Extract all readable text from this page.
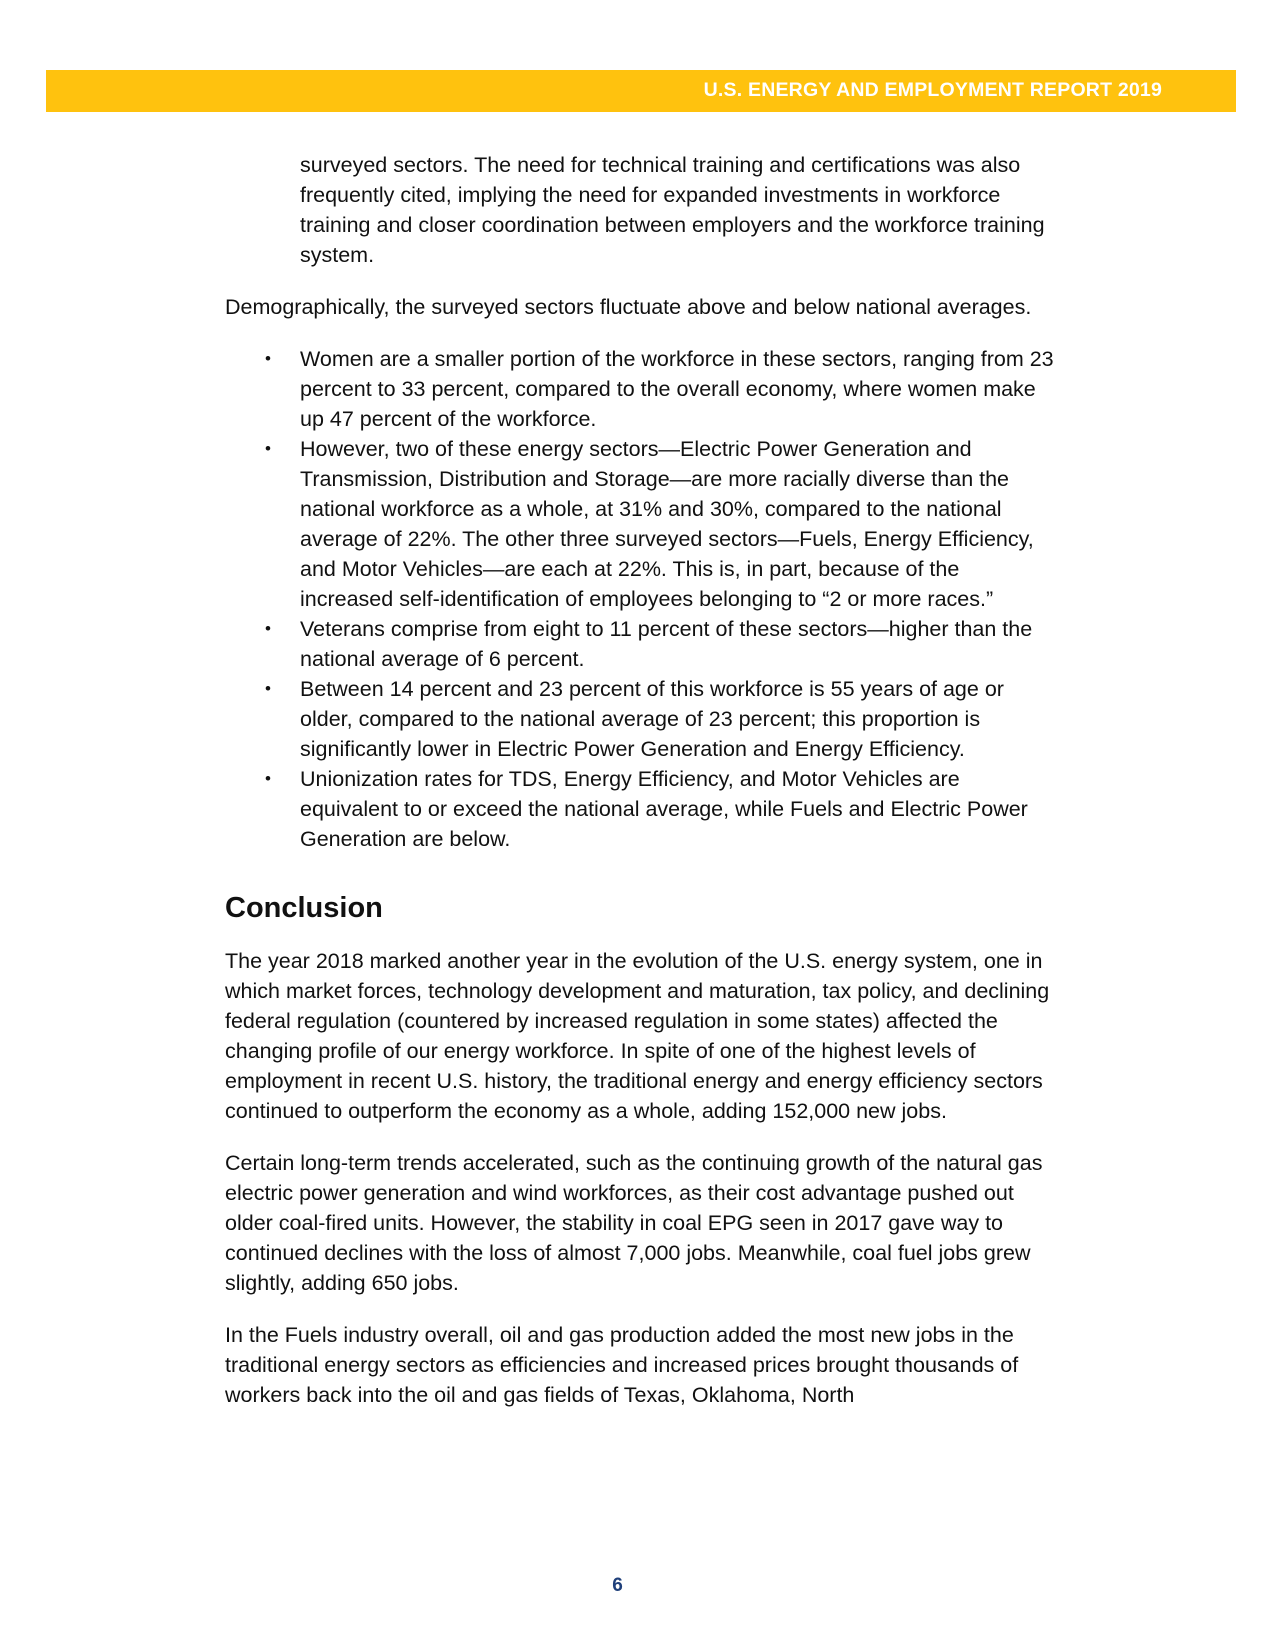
U.S. ENERGY AND EMPLOYMENT REPORT 2019

surveyed sectors. The need for technical training and certifications was also frequently cited, implying the need for expanded investments in workforce training and closer coordination between employers and the workforce training system.

Demographically, the surveyed sectors fluctuate above and below national averages.

• Women are a smaller portion of the workforce in these sectors, ranging from 23 percent to 33 percent, compared to the overall economy, where women make up 47 percent of the workforce.
• However, two of these energy sectors—Electric Power Generation and Transmission, Distribution and Storage—are more racially diverse than the national workforce as a whole, at 31% and 30%, compared to the national average of 22%. The other three surveyed sectors—Fuels, Energy Efficiency, and Motor Vehicles—are each at 22%. This is, in part, because of the increased self-identification of employees belonging to “2 or more races.”
• Veterans comprise from eight to 11 percent of these sectors—higher than the national average of 6 percent.
• Between 14 percent and 23 percent of this workforce is 55 years of age or older, compared to the national average of 23 percent; this proportion is significantly lower in Electric Power Generation and Energy Efficiency.
• Unionization rates for TDS, Energy Efficiency, and Motor Vehicles are equivalent to or exceed the national average, while Fuels and Electric Power Generation are below.
Conclusion

The year 2018 marked another year in the evolution of the U.S. energy system, one in which market forces, technology development and maturation, tax policy, and declining federal regulation (countered by increased regulation in some states) affected the changing profile of our energy workforce. In spite of one of the highest levels of employment in recent U.S. history, the traditional energy and energy efficiency sectors continued to outperform the economy as a whole, adding 152,000 new jobs.

Certain long-term trends accelerated, such as the continuing growth of the natural gas electric power generation and wind workforces, as their cost advantage pushed out older coal-fired units. However, the stability in coal EPG seen in 2017 gave way to continued declines with the loss of almost 7,000 jobs. Meanwhile, coal fuel jobs grew slightly, adding 650 jobs.

In the Fuels industry overall, oil and gas production added the most new jobs in the traditional energy sectors as efficiencies and increased prices brought thousands of workers back into the oil and gas fields of Texas, Oklahoma, North

6
